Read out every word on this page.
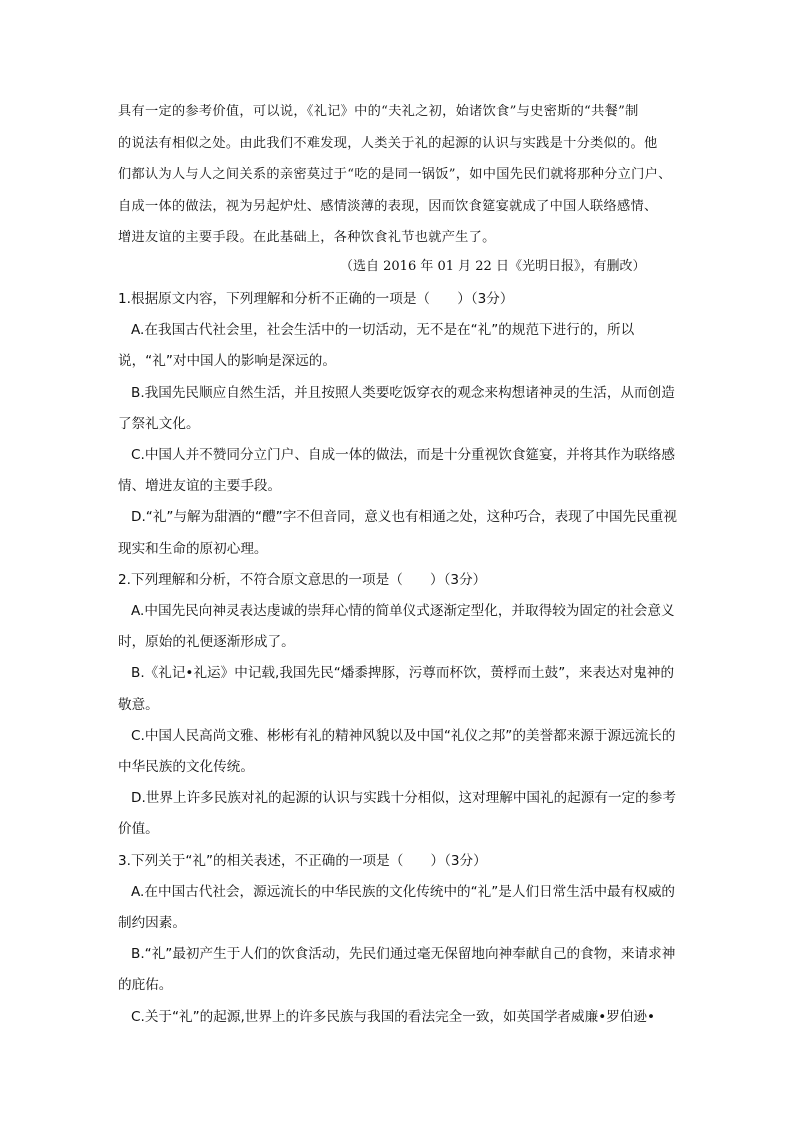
具有一定的参考价值，可以说，《礼记》中的“夫礼之初，始诸饮食”与史密斯的“共餐”制

的说法有相似之处。由此我们不难发现，人类关于礼的起源的认识与实践是十分类似的。他

们都认为人与人之间关系的亲密莫过于“吃的是同一锅饭”，如中国先民们就将那种分立门户、

自成一体的做法，视为另起炉灶、感情淡薄的表现，因而饮食筵宴就成了中国人联络感情、

增进友谊的主要手段。在此基础上，各种饮食礼节也就产生了。

（选自 2016 年 01 月 22 日《光明日报》，有删改）

1.根据原文内容，下列理解和分析不正确的一项是（　　）（3分）

A.在我国古代社会里，社会生活中的一切活动，无不是在“礼”的规范下进行的，所以说，“礼”对中国人的影响是深远的。

B.我国先民顺应自然生活，并且按照人类要吃饭穿衣的观念来构想诸神灵的生活，从而创造了祭礼文化。

C.中国人并不赞同分立门户、自成一体的做法，而是十分重视饮食筵宴，并将其作为联络感情、增进友谊的主要手段。

D.“礼”与解为甜酒的“醴”字不但音同，意义也有相通之处，这种巧合，表现了中国先民重视现实和生命的原初心理。

2.下列理解和分析，不符合原文意思的一项是（　　）（3分）

A.中国先民向神灵表达虔诚的崇拜心情的简单仪式逐渐定型化，并取得较为固定的社会意义时，原始的礼便逐渐形成了。

B.《礼记•礼运》中记载,我国先民“燔黍捭豚，污尊而杯饮，蒉桴而土鼓”，来表达对鬼神的敬意。

C.中国人民高尚文雅、彬彬有礼的精神风貌以及中国“礼仪之邦”的美誉都来源于源远流长的中华民族的文化传统。

D.世界上许多民族对礼的起源的认识与实践十分相似，这对理解中国礼的起源有一定的参考价值。

3.下列关于“礼”的相关表述，不正确的一项是（　　）（3分）

A.在中国古代社会，源远流长的中华民族的文化传统中的“礼”是人们日常生活中最有权威的制约因素。

B.“礼”最初产生于人们的饮食活动，先民们通过毫无保留地向神奉献自己的食物，来请求神的庇佑。

C.关于“礼”的起源,世界上的许多民族与我国的看法完全一致，如英国学者威廉•罗伯逊•
